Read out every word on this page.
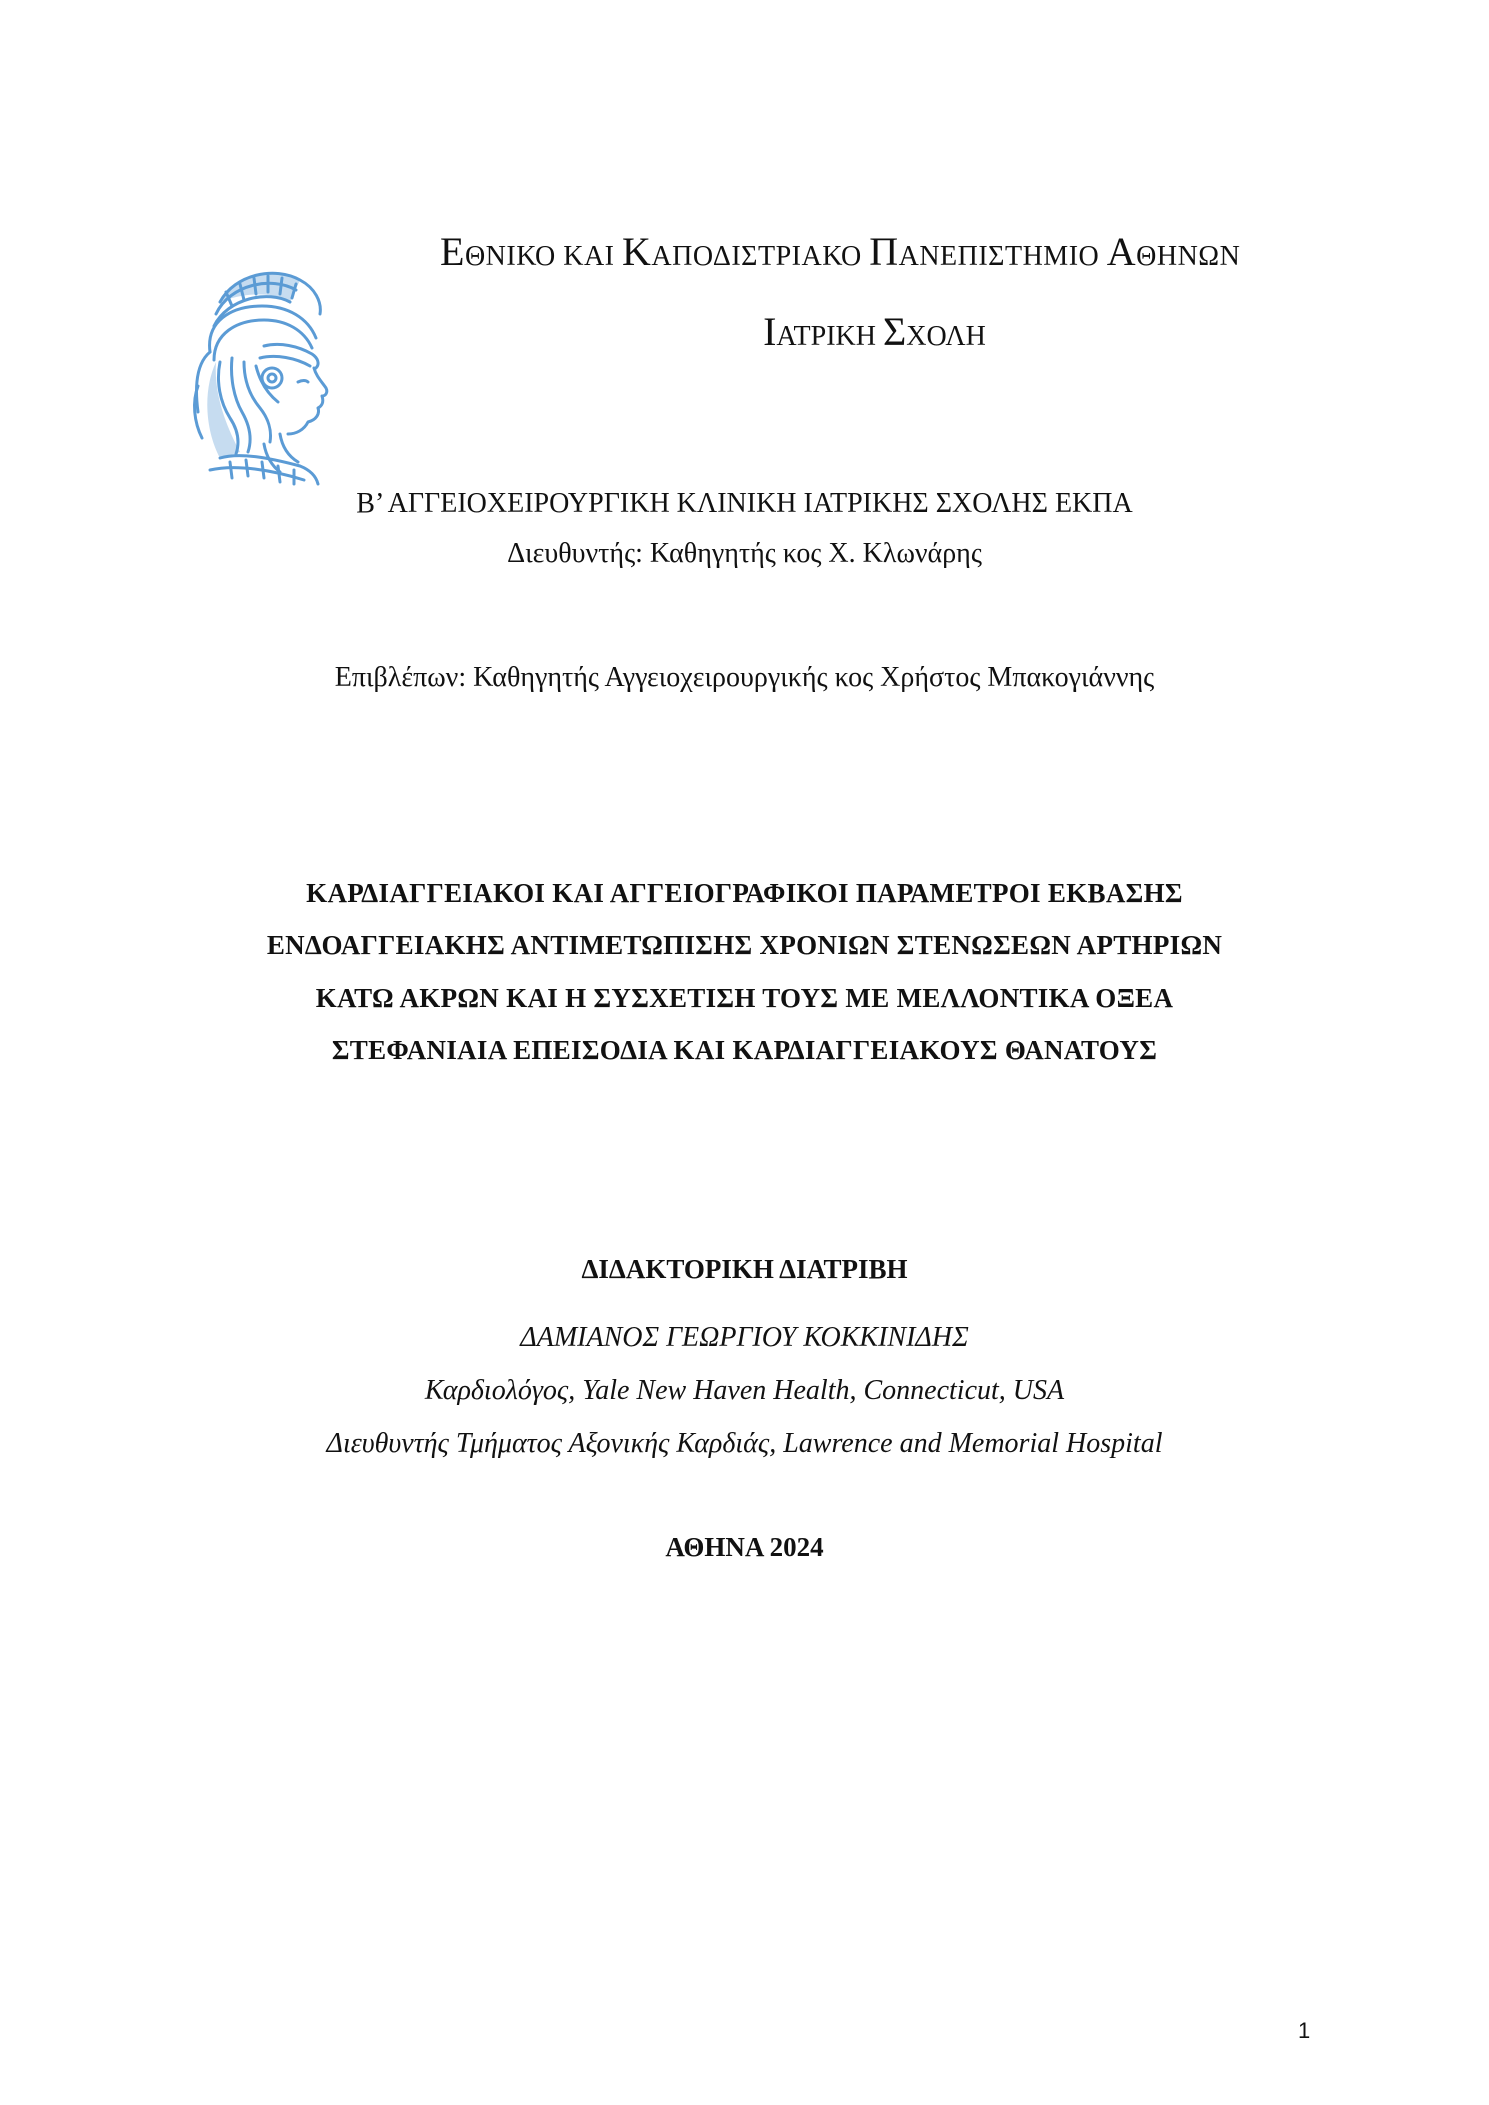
ΕΘΝΙΚΟ ΚΑΙ ΚΑΠΟΔΙΣΤΡΙΑΚΟ ΠΑΝΕΠΙΣΤΗΜΙΟ ΑΘΗΝΩΝ
ΙΑΤΡΙΚΗ ΣΧΟΛΗ
Β’ ΑΓΓΕΙΟΧΕΙΡΟΥΡΓΙΚΗ ΚΛΙΝΙΚΗ ΙΑΤΡΙΚΗΣ ΣΧΟΛΗΣ ΕΚΠΑ
Διευθυντής: Καθηγητής κος Χ. Κλωνάρης
Επιβλέπων: Καθηγητής Αγγειοχειρουργικής κος Χρήστος Μπακογιάννης
ΚΑΡΔΙΑΓΓΕΙΑΚΟΙ ΚΑΙ ΑΓΓΕΙΟΓΡΑΦΙΚΟΙ ΠΑΡΑΜΕΤΡΟΙ ΕΚΒΑΣΗΣ
ΕΝΔΟΑΓΓΕΙΑΚΗΣ ΑΝΤΙΜΕΤΩΠΙΣΗΣ ΧΡΟΝΙΩΝ ΣΤΕΝΩΣΕΩΝ ΑΡΤΗΡΙΩΝ
ΚΑΤΩ ΑΚΡΩΝ ΚΑΙ Η ΣΥΣΧΕΤΙΣΗ ΤΟΥΣ ΜΕ ΜΕΛΛΟΝΤΙΚΑ ΟΞΕΑ
ΣΤΕΦΑΝΙΑΙΑ ΕΠΕΙΣΟΔΙΑ ΚΑΙ ΚΑΡΔΙΑΓΓΕΙΑΚΟΥΣ ΘΑΝΑΤΟΥΣ
ΔΙΔΑΚΤΟΡΙΚΗ ΔΙΑΤΡΙΒΗ
ΔΑΜΙΑΝΟΣ ΓΕΩΡΓΙΟΥ ΚΟΚΚΙΝΙΔΗΣ
Καρδιολόγος, Yale New Haven Health, Connecticut, USA
Διευθυντής Τμήματος Αξονικής Καρδιάς, Lawrence and Memorial Hospital
ΑΘΗΝΑ 2024
1
